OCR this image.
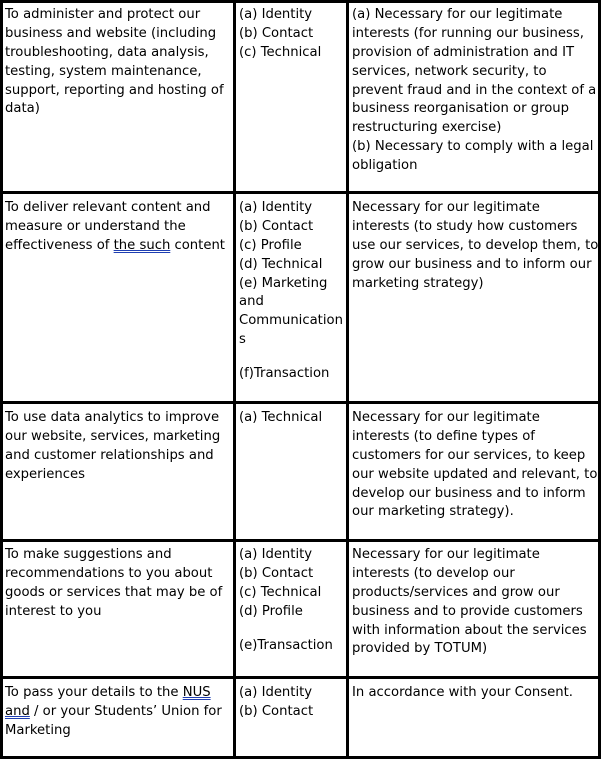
To administer and protect our
business and website (including
troubleshooting, data analysis,
testing, system maintenance,
support, reporting and hosting of
data)
(a) Identity
(b) Contact
(c) Technical
(a) Necessary for our legitimate
interests (for running our business,
provision of administration and IT
services, network security, to
prevent fraud and in the context of a
business reorganisation or group
restructuring exercise)
(b) Necessary to comply with a legal
obligation
To deliver relevant content and
measure or understand the
effectiveness of the such content
(a) Identity
(b) Contact
(c) Profile
(d) Technical
(e) Marketing
and
Communication
s
(f)Transaction
Necessary for our legitimate
interests (to study how customers
use our services, to develop them, to
grow our business and to inform our
marketing strategy)
To use data analytics to improve
our website, services, marketing
and customer relationships and
experiences
(a) Technical Necessary for our legitimate
interests (to define types of
customers for our services, to keep
our website updated and relevant, to
develop our business and to inform
our marketing strategy).
To make suggestions and
recommendations to you about
goods or services that may be of
interest to you
(a) Identity
(b) Contact
(c) Technical
(d) Profile
(e)Transaction
Necessary for our legitimate
interests (to develop our
products/services and grow our
business and to provide customers
with information about the services
provided by TOTUM)
To pass your details to the NUS
and / or your Students’ Union for
Marketing
(a) Identity
(b) Contact
In accordance with your Consent.
